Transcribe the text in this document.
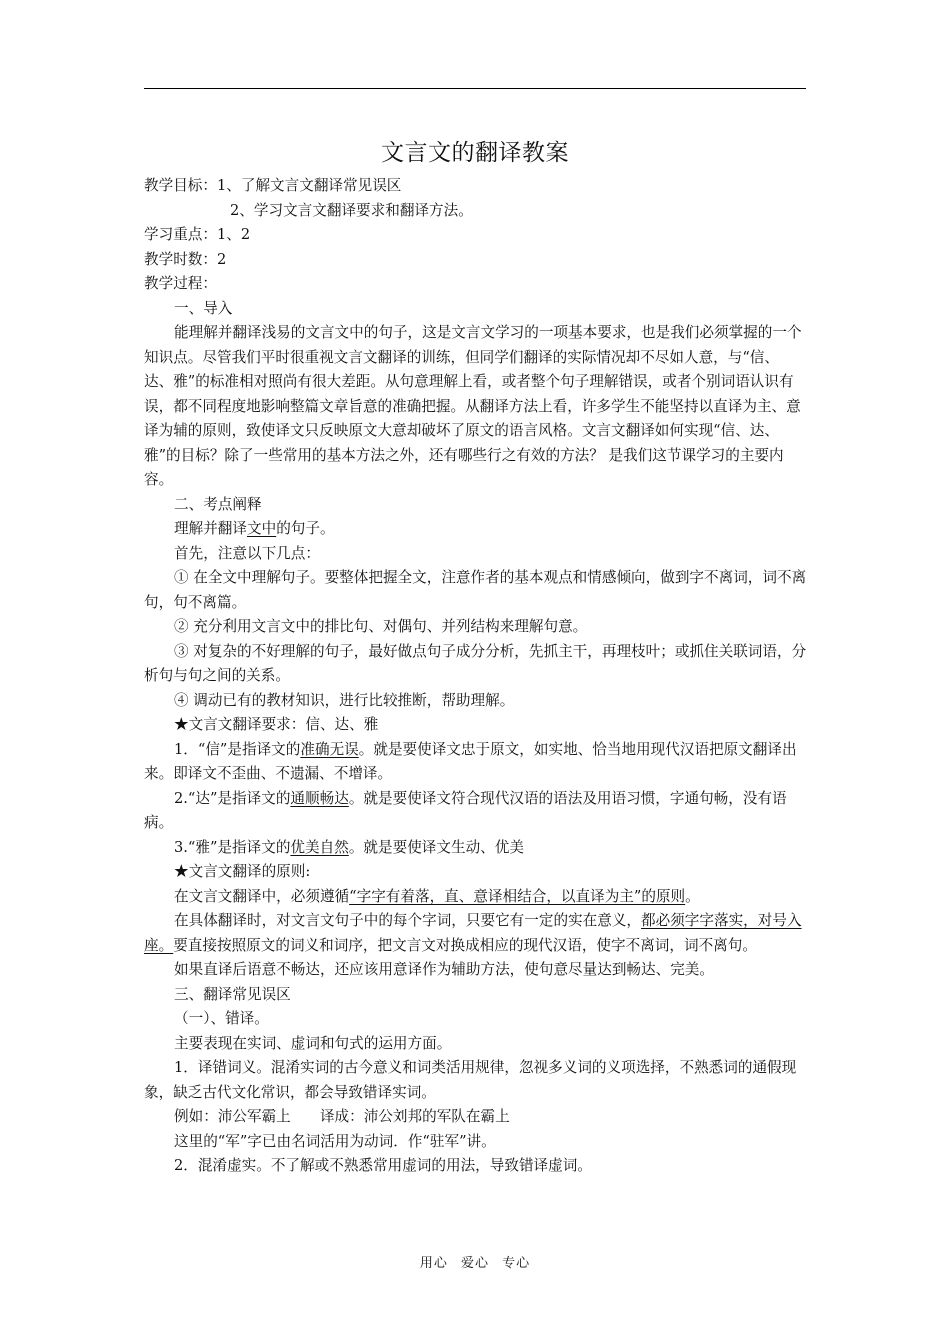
文言文的翻译教案

教学目标：1、了解文言文翻译常见误区

2、学习文言文翻译要求和翻译方法。

学习重点：1、2

教学时数：2

教学过程：

一、导入

能理解并翻译浅易的文言文中的句子，这是文言文学习的一项基本要求，也是我们必须掌握的一个知识点。尽管我们平时很重视文言文翻译的训练，但同学们翻译的实际情况却不尽如人意，与“信、达、雅”的标准相对照尚有很大差距。从句意理解上看，或者整个句子理解错误，或者个别词语认识有误，都不同程度地影响整篇文章旨意的准确把握。从翻译方法上看，许多学生不能坚持以直译为主、意译为辅的原则，致使译文只反映原文大意却破坏了原文的语言风格。文言文翻译如何实现“信、达、雅”的目标？除了一些常用的基本方法之外，还有哪些行之有效的方法？ 是我们这节课学习的主要内容。

二、考点阐释

理解并翻译文中的句子。

首先，注意以下几点：

① 在全文中理解句子。要整体把握全文，注意作者的基本观点和情感倾向，做到字不离词，词不离句，句不离篇。

② 充分利用文言文中的排比句、对偶句、并列结构来理解句意。

③ 对复杂的不好理解的句子，最好做点句子成分分析，先抓主干，再理枝叶；或抓住关联词语，分析句与句之间的关系。

④ 调动已有的教材知识，进行比较推断，帮助理解。

★文言文翻译要求：信、达、雅

1．“信”是指译文的准确无误。就是要使译文忠于原文，如实地、恰当地用现代汉语把原文翻译出来。即译文不歪曲、不遗漏、不增译。

2.“达”是指译文的通顺畅达。就是要使译文符合现代汉语的语法及用语习惯，字通句畅，没有语病。

3.“雅”是指译文的优美自然。就是要使译文生动、优美

★文言文翻译的原则:

在文言文翻译中，必须遵循“字字有着落，直、意译相结合，以直译为主”的原则。

在具体翻译时，对文言文句子中的每个字词，只要它有一定的实在意义，都必须字字落实，对号入座。要直接按照原文的词义和词序，把文言文对换成相应的现代汉语，使字不离词，词不离句。

如果直译后语意不畅达，还应该用意译作为辅助方法，使句意尽量达到畅达、完美。

三、翻译常见误区

（一）、错译。

主要表现在实词、虚词和句式的运用方面。

1．译错词义。混淆实词的古今意义和词类活用规律，忽视多义词的义项选择，不熟悉词的通假现象，缺乏古代文化常识，都会导致错译实词。

例如：沛公军霸上　　译成：沛公刘邦的军队在霸上

这里的“军”字已由名词活用为动词．作“驻军”讲。

2．混淆虚实。不了解或不熟悉常用虚词的用法，导致错译虚词。

用心 爱心 专心
